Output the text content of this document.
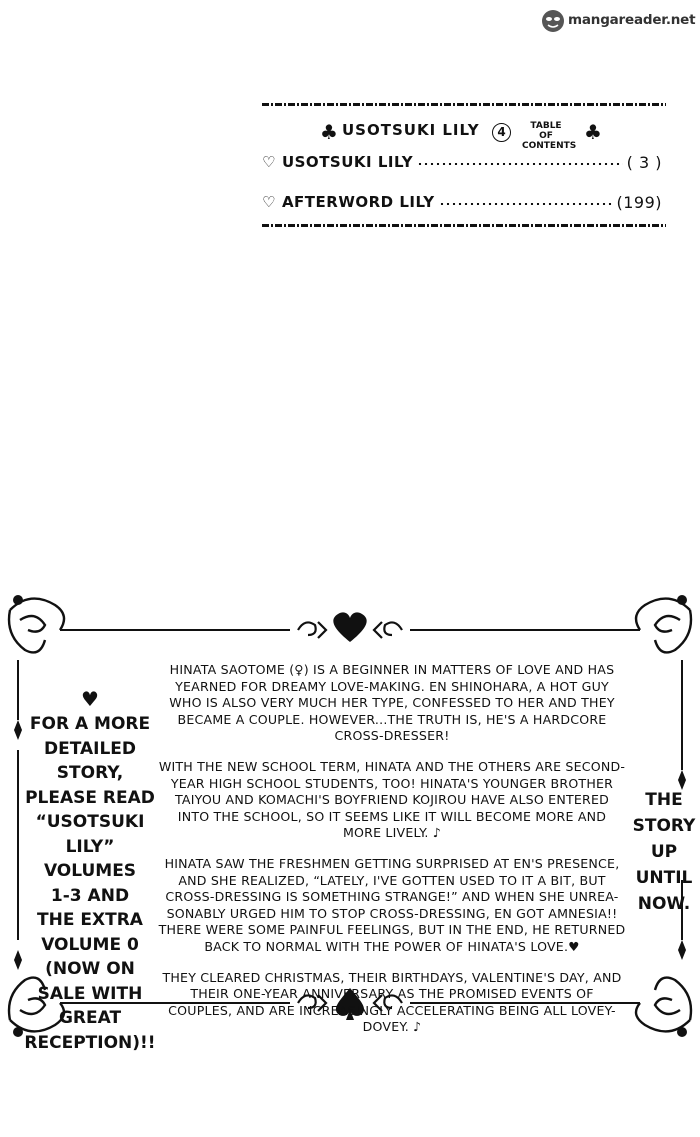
mangareader.net
♣ USOTSUKI LILY	4	TABLE OF
CONTENTS
♣
♡ USOTSUKI LILY	( 3 )
♡ AFTERWORD LILY	(199)
♥
FOR A MORE
DETAILED
STORY,
PLEASE READ
“USOTSUKI
LILY”
VOLUMES
1-3 AND
THE EXTRA
VOLUME 0
(NOW ON
SALE WITH
GREAT
RECEPTION)!!
THE
STORY
UP
UNTIL
NOW.

HINATA SAOTOME (♀) IS A BEGINNER IN MATTERS OF LOVE AND HAS YEARNED FOR DREAMY LOVE-MAKING. EN SHINOHARA, A HOT GUY WHO IS ALSO VERY MUCH HER TYPE, CONFESSED TO HER AND THEY BECAME A COUPLE. HOWEVER...THE TRUTH IS, HE'S A HARDCORE CROSS-DRESSER!

WITH THE NEW SCHOOL TERM, HINATA AND THE OTHERS ARE SECOND-YEAR HIGH SCHOOL STUDENTS, TOO! HINATA'S YOUNGER BROTHER TAIYOU AND KOMACHI'S BOYFRIEND KOJIROU HAVE ALSO ENTERED INTO THE SCHOOL, SO IT SEEMS LIKE IT WILL BECOME MORE AND MORE LIVELY. ♪

HINATA SAW THE FRESHMEN GETTING SURPRISED AT EN'S PRESENCE, AND SHE REALIZED, “LATELY, I'VE GOTTEN USED TO IT A BIT, BUT CROSS-DRESSING IS SOMETHING STRANGE!” AND WHEN SHE UNREA-SONABLY URGED HIM TO STOP CROSS-DRESSING, EN GOT AMNESIA!! THERE WERE SOME PAINFUL FEELINGS, BUT IN THE END, HE RETURNED BACK TO NORMAL WITH THE POWER OF HINATA'S LOVE.♥

THEY CLEARED CHRISTMAS, THEIR BIRTHDAYS, VALENTINE'S DAY, AND THEIR ONE-YEAR ANNIVERSARY AS THE PROMISED EVENTS OF COUPLES, AND ARE INCREASINGLY ACCELERATING BEING ALL LOVEY-DOVEY. ♪
